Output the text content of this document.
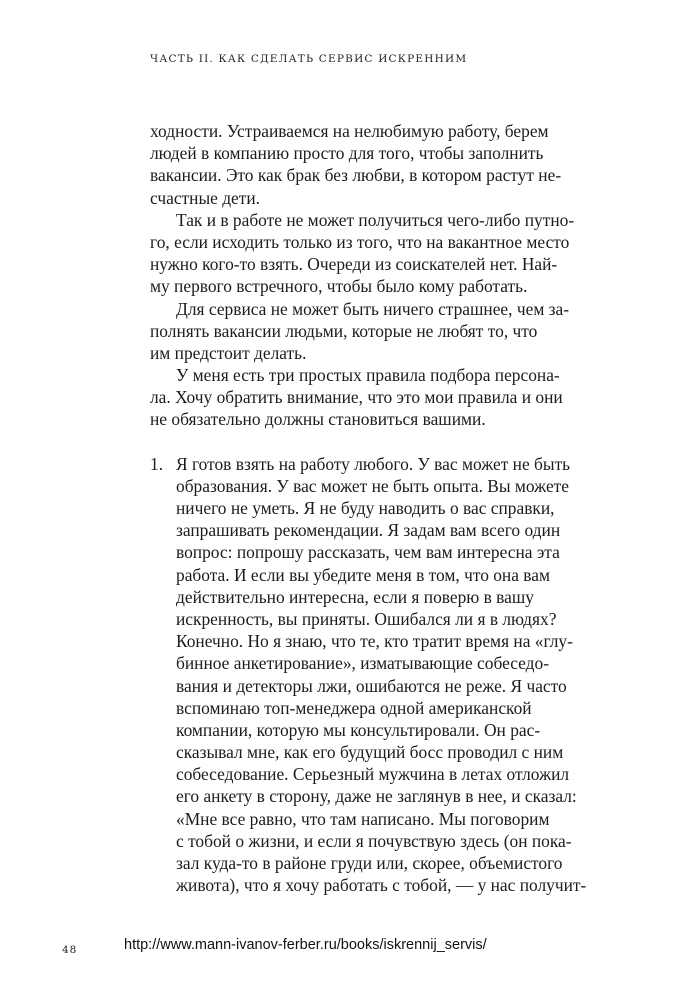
ЧАСТЬ II. КАК СДЕЛАТЬ СЕРВИС ИСКРЕННИМ
ходности. Устраиваемся на нелюбимую работу, берем
людей в компанию просто для того, чтобы заполнить
вакансии. Это как брак без любви, в котором растут не-
счастные дети.
Так и в работе не может получиться чего-либо путно-
го, если исходить только из того, что на вакантное место
нужно кого-то взять. Очереди из соискателей нет. Най-
му первого встречного, чтобы было кому работать.
Для сервиса не может быть ничего страшнее, чем за-
полнять вакансии людьми, которые не любят то, что
им предстоит делать.
У меня есть три простых правила подбора персона-
ла. Хочу обратить внимание, что это мои правила и они
не обязательно должны становиться вашими.
1. Я готов взять на работу любого. У вас может не быть
образования. У вас может не быть опыта. Вы можете
ничего не уметь. Я не буду наводить о вас справки,
запрашивать рекомендации. Я задам вам всего один
вопрос: попрошу рассказать, чем вам интересна эта
работа. И если вы убедите меня в том, что она вам
действительно интересна, если я поверю в вашу
искренность, вы приняты. Ошибался ли я в людях?
Конечно. Но я знаю, что те, кто тратит время на «глу-
бинное анкетирование», изматывающие собеседо-
вания и детекторы лжи, ошибаются не реже. Я часто
вспоминаю топ-менеджера одной американской
компании, которую мы консультировали. Он рас-
сказывал мне, как его будущий босс проводил с ним
собеседование. Серьезный мужчина в летах отложил
его анкету в сторону, даже не заглянув в нее, и сказал:
«Мне все равно, что там написано. Мы поговорим
с тобой о жизни, и если я почувствую здесь (он пока-
зал куда-то в районе груди или, скорее, объемистого
живота), что я хочу работать с тобой, — у нас получит-
48	http://www.mann-ivanov-ferber.ru/books/iskrennij_servis/
